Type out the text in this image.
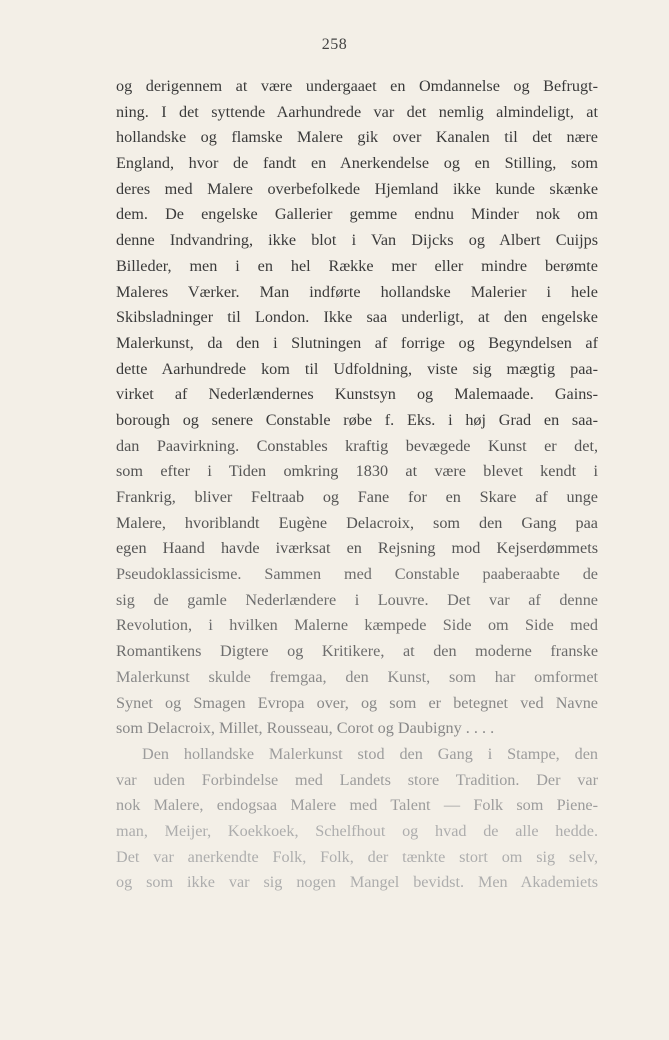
258
og derigennem at være undergaaet en Omdannelse og Befrugt-
ning. I det syttende Aarhundrede var det nemlig almindeligt, at
hollandske og flamske Malere gik over Kanalen til det nære
England, hvor de fandt en Anerkendelse og en Stilling, som
deres med Malere overbefolkede Hjemland ikke kunde skænke
dem. De engelske Gallerier gemme endnu Minder nok om
denne Indvandring, ikke blot i Van Dijcks og Albert Cuijps
Billeder, men i en hel Række mer eller mindre berømte
Maleres Værker. Man indførte hollandske Malerier i hele
Skibsladninger til London. Ikke saa underligt, at den engelske
Malerkunst, da den i Slutningen af forrige og Begyndelsen af
dette Aarhundrede kom til Udfoldning, viste sig mægtig paa-
virket af Nederlændernes Kunstsyn og Malemaade. Gains-
borough og senere Constable røbe f. Eks. i høj Grad en saa-
dan Paavirkning. Constables kraftig bevægede Kunst er det,
som efter i Tiden omkring 1830 at være blevet kendt i
Frankrig, bliver Feltraab og Fane for en Skare af unge
Malere, hvoriblandt Eugène Delacroix, som den Gang paa
egen Haand havde iværksat en Rejsning mod Kejserdømmets
Pseudoklassicisme. Sammen med Constable paaberaabte de
sig de gamle Nederlændere i Louvre. Det var af denne
Revolution, i hvilken Malerne kæmpede Side om Side med
Romantikens Digtere og Kritikere, at den moderne franske
Malerkunst skulde fremgaa, den Kunst, som har omformet
Synet og Smagen Evropa over, og som er betegnet ved Navne
som Delacroix, Millet, Rousseau, Corot og Daubigny . . . .
Den hollandske Malerkunst stod den Gang i Stampe, den
var uden Forbindelse med Landets store Tradition. Der var
nok Malere, endogsaa Malere med Talent — Folk som Piene-
man, Meijer, Koekkoek, Schelfhout og hvad de alle hedde.
Det var anerkendte Folk, Folk, der tænkte stort om sig selv,
og som ikke var sig nogen Mangel bevidst. Men Akademiets
